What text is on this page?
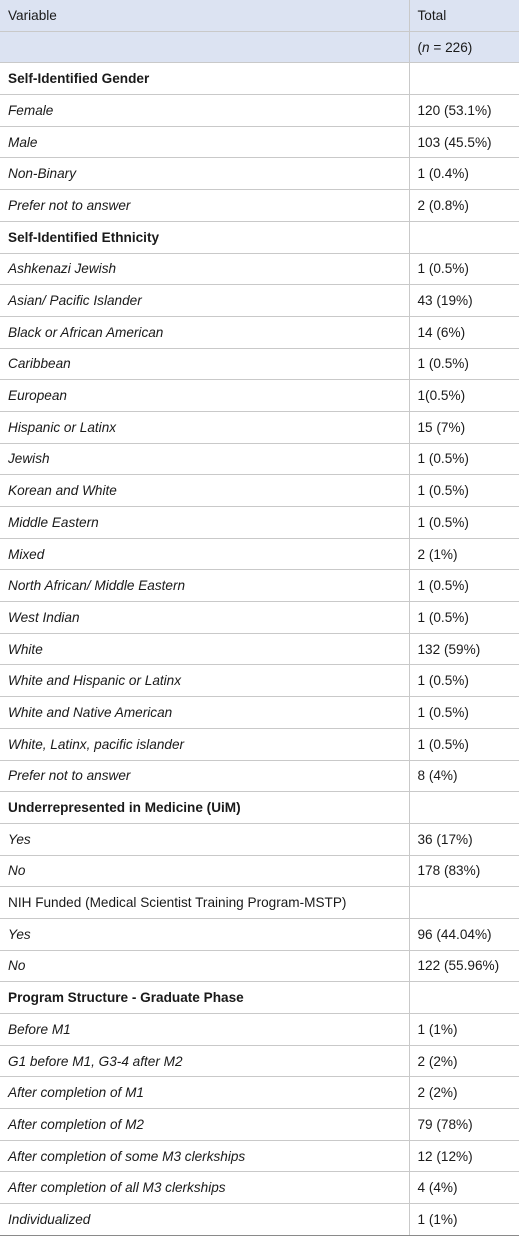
Variable	Total
	(n = 226)
Self-Identified Gender	
Female	120 (53.1%)
Male	103 (45.5%)
Non-Binary	1 (0.4%)
Prefer not to answer	2 (0.8%)
Self-Identified Ethnicity	
Ashkenazi Jewish	1 (0.5%)
Asian/ Pacific Islander	43 (19%)
Black or African American	14 (6%)
Caribbean	1 (0.5%)
European	1(0.5%)
Hispanic or Latinx	15 (7%)
Jewish	1 (0.5%)
Korean and White	1 (0.5%)
Middle Eastern	1 (0.5%)
Mixed	2 (1%)
North African/ Middle Eastern	1 (0.5%)
West Indian	1 (0.5%)
White	132 (59%)
White and Hispanic or Latinx	1 (0.5%)
White and Native American	1 (0.5%)
White, Latinx, pacific islander	1 (0.5%)
Prefer not to answer	8 (4%)
Underrepresented in Medicine (UiM)	
Yes	36 (17%)
No	178 (83%)
NIH Funded (Medical Scientist Training Program-MSTP)	
Yes	96 (44.04%)
No	122 (55.96%)
Program Structure - Graduate Phase	
Before M1	1 (1%)
G1 before M1, G3-4 after M2	2 (2%)
After completion of M1	2 (2%)
After completion of M2	79 (78%)
After completion of some M3 clerkships	12 (12%)
After completion of all M3 clerkships	4 (4%)
Individualized	1 (1%)
